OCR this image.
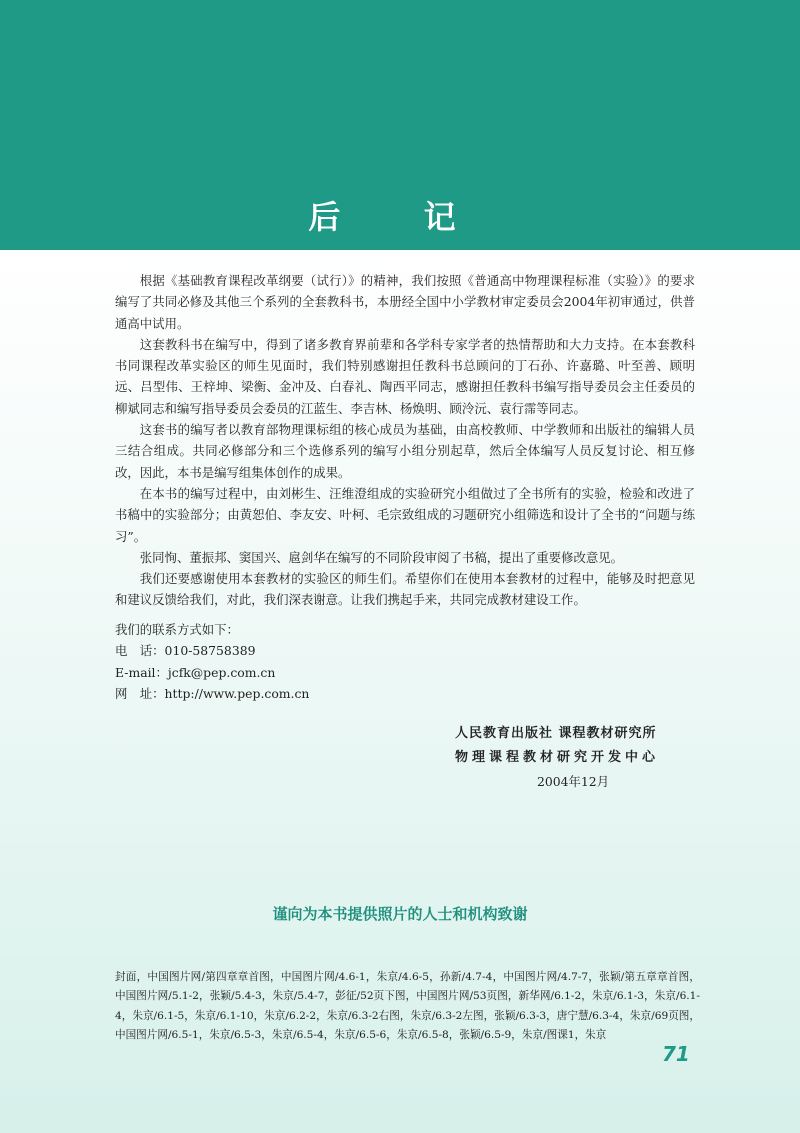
后 记

根据《基础教育课程改革纲要（试行）》的精神，我们按照《普通高中物理课程标准（实验）》的要求编写了共同必修及其他三个系列的全套教科书，本册经全国中小学教材审定委员会2004年初审通过，供普通高中试用。

这套教科书在编写中，得到了诸多教育界前辈和各学科专家学者的热情帮助和大力支持。在本套教科书同课程改革实验区的师生见面时，我们特别感谢担任教科书总顾问的丁石孙、许嘉璐、叶至善、顾明远、吕型伟、王梓坤、梁衡、金冲及、白春礼、陶西平同志，感谢担任教科书编写指导委员会主任委员的柳斌同志和编写指导委员会委员的江蓝生、李吉林、杨焕明、顾泠沅、袁行霈等同志。

这套书的编写者以教育部物理课标组的核心成员为基础，由高校教师、中学教师和出版社的编辑人员三结合组成。共同必修部分和三个选修系列的编写小组分别起草，然后全体编写人员反复讨论、相互修改，因此，本书是编写组集体创作的成果。

在本书的编写过程中，由刘彬生、汪维澄组成的实验研究小组做过了全书所有的实验，检验和改进了书稿中的实验部分；由黄恕伯、李友安、叶柯、毛宗致组成的习题研究小组筛选和设计了全书的“问题与练习”。

张同恂、董振邦、窦国兴、扈剑华在编写的不同阶段审阅了书稿，提出了重要修改意见。

我们还要感谢使用本套教材的实验区的师生们。希望你们在使用本套教材的过程中，能够及时把意见和建议反馈给我们，对此，我们深表谢意。让我们携起手来，共同完成教材建设工作。

我们的联系方式如下：
电　话：010-58758389
E-mail：jcfk@pep.com.cn
网　址：http://www.pep.com.cn
人民教育出版社 课程教材研究所
物理课程教材研究开发中心
2004年12月
谨向为本书提供照片的人士和机构致谢
封面，中国图片网/第四章章首图，中国图片网/4.6-1，朱京/4.6-5，孙新/4.7-4，中国图片网/4.7-7，张颖/第五章章首图，中国图片网/5.1-2，张颖/5.4-3，朱京/5.4-7，彭征/52页下图，中国图片网/53页图，新华网/6.1-2，朱京/6.1-3，朱京/6.1-4，朱京/6.1-5，朱京/6.1-10，朱京/6.2-2，朱京/6.3-2右图，朱京/6.3-2左图，张颖/6.3-3，唐宁慧/6.3-4，朱京/69页图，中国图片网/6.5-1，朱京/6.5-3，朱京/6.5-4，朱京/6.5-6，朱京/6.5-8，张颖/6.5-9，朱京/图课1，朱京
71
